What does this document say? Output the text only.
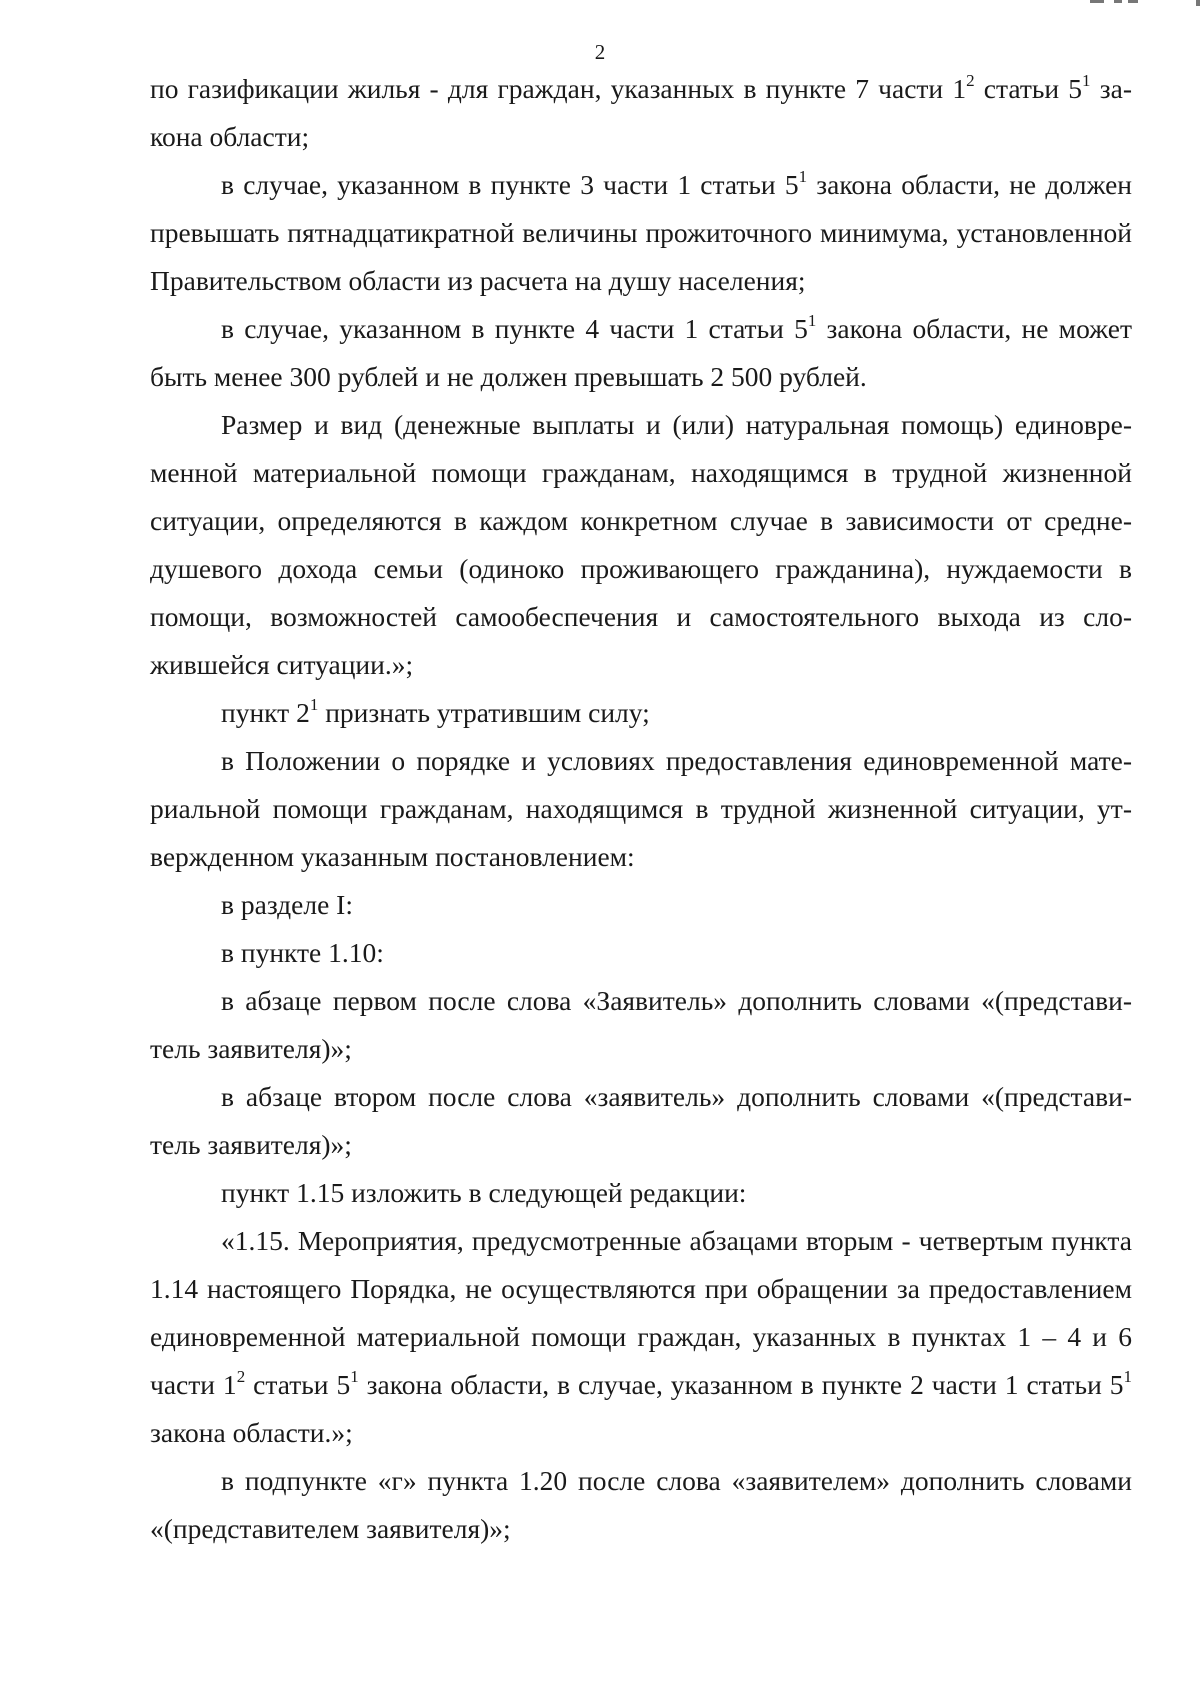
2

по газификации жилья - для граждан, указанных в пункте 7 части $1^2$ статьи $5^1$ закона области;

в случае, указанном в пункте 3 части 1 статьи $5^1$ закона области, не должен превышать пятнадцатикратной величины прожиточного минимума, установленной Правительством области из расчета на душу населения;

в случае, указанном в пункте 4 части 1 статьи $5^1$ закона области, не может быть менее 300 рублей и не должен превышать 2 500 рублей.

Размер и вид (денежные выплаты и (или) натуральная помощь) единовременной материальной помощи гражданам, находящимся в трудной жизненной ситуации, определяются в каждом конкретном случае в зависимости от среднедушевого дохода семьи (одиноко проживающего гражданина), нуждаемости в помощи, возможностей самообеспечения и самостоятельного выхода из сложившейся ситуации.»;

пункт $2^1$ признать утратившим силу;

в Положении о порядке и условиях предоставления единовременной материальной помощи гражданам, находящимся в трудной жизненной ситуации, утвержденном указанным постановлением:

в разделе I:

в пункте 1.10:

в абзаце первом после слова «Заявитель» дополнить словами «(представитель заявителя)»;

в абзаце втором после слова «заявитель» дополнить словами «(представитель заявителя)»;

пункт 1.15 изложить в следующей редакции:

«1.15. Мероприятия, предусмотренные абзацами вторым - четвертым пункта 1.14 настоящего Порядка, не осуществляются при обращении за предоставлением единовременной материальной помощи граждан, указанных в пунктах 1 – 4 и 6 части $1^2$ статьи $5^1$ закона области, в случае, указанном в пункте 2 части 1 статьи $5^1$ закона области.»;

в подпункте «г» пункта 1.20 после слова «заявителем» дополнить словами «(представителем заявителя)»;
